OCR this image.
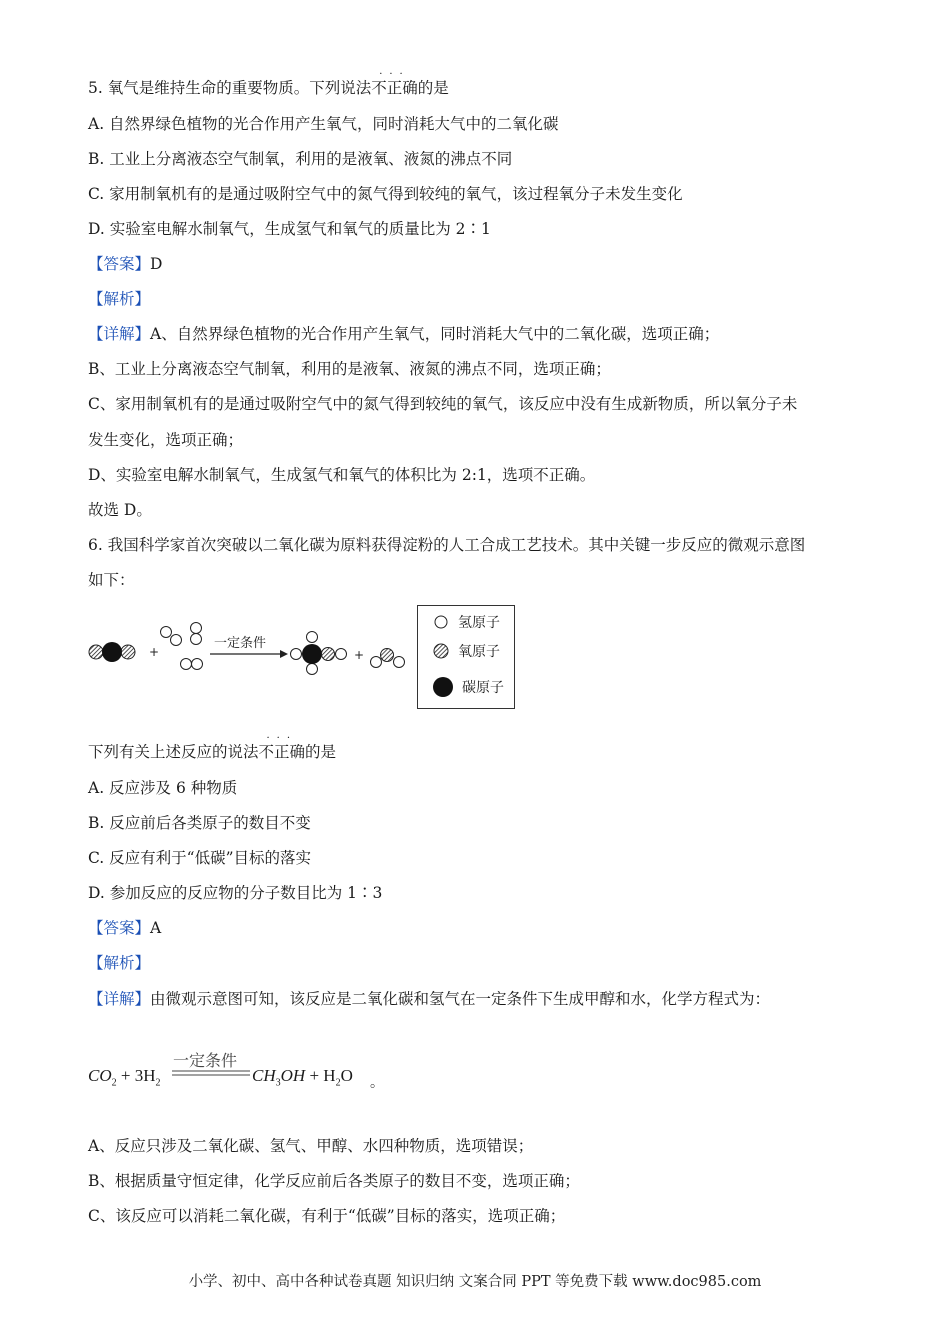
5. 氧气是维持生命的重要物质。下列说法
···
不正确的是
A. 自然界绿色植物的光合作用产生氧气，同时消耗大气中的二氧化碳
B. 工业上分离液态空气制氧，利用的是液氧、液氮的沸点不同
C. 家用制氧机有的是通过吸附空气中的氮气得到较纯的氧气，该过程氧分子未发生变化
D. 实验室电解水制氧气，生成氢气和氧气的质量比为 2∶1
【答案】D
【解析】
【详解】A、自然界绿色植物的光合作用产生氧气，同时消耗大气中的二氧化碳，选项正确；
B、工业上分离液态空气制氧，利用的是液氧、液氮的沸点不同，选项正确；
C、家用制氧机有的是通过吸附空气中的氮气得到较纯的氧气，该反应中没有生成新物质，所以氧分子未
发生变化，选项正确；
D、实验室电解水制氧气，生成氢气和氧气的体积比为 2:1，选项不正确。
故选 D。
6. 我国科学家首次突破以二氧化碳为原料获得淀粉的人工合成工艺技术。其中关键一步反应的微观示意图
如下：
+
一定条件
+
氢原子
氧原子
碳原子
下列有关上述反应的说法
···
不正确的是
A. 反应涉及 6 种物质
B. 反应前后各类原子的数目不变
C. 反应有利于“低碳”目标的落实
D. 参加反应的反应物的分子数目比为 1∶3
【答案】A
【解析】
【详解】由微观示意图可知，该反应是二氧化碳和氢气在一定条件下生成甲醇和水，化学方程式为：
$CO_2 + 3H_2$
一定条件
$CH_3OH + H_2O$ 。
A、反应只涉及二氧化碳、氢气、甲醇、水四种物质，选项错误；
B、根据质量守恒定律，化学反应前后各类原子的数目不变，选项正确；
C、该反应可以消耗二氧化碳，有利于“低碳”目标的落实，选项正确；
小学、初中、高中各种试卷真题 知识归纳 文案合同 PPT 等免费下载 www.doc985.com
